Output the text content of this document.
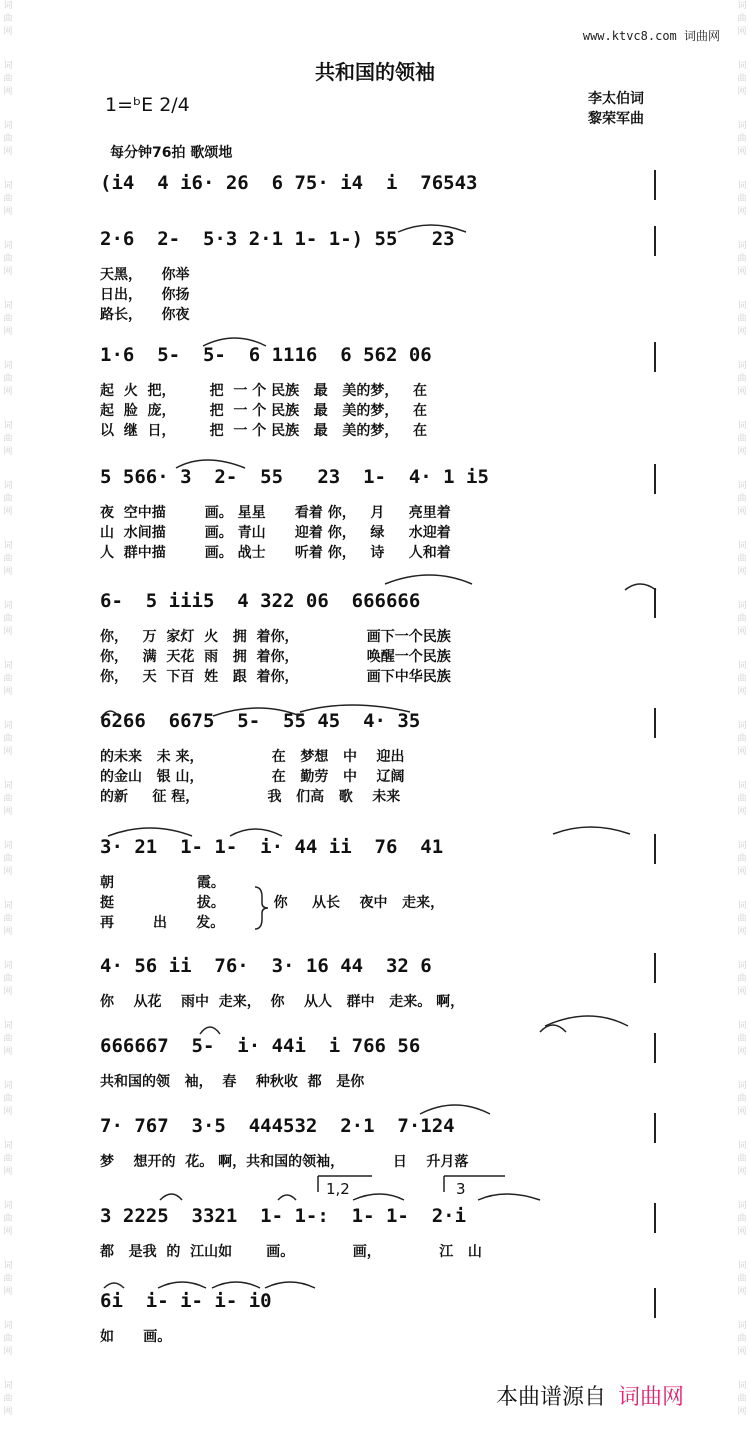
词
曲
网
词
曲
网
词
曲
网
词
曲
网
词
曲
网
词
曲
网
词
曲
网
词
曲
网
词
曲
网
词
曲
网
词
曲
网
词
曲
网
词
曲
网
词
曲
网
词
曲
网
词
曲
网
词
曲
网
词
曲
网
词
曲
网
词
曲
网
词
曲
网
词
曲
网
词
曲
网
词
曲
网
词
曲
网
词
曲
网
词
曲
网
词
曲
网
词
曲
网
词
曲
网
词
曲
网
词
曲
网
词
曲
网
词
曲
网
词
曲
网
词
曲
网
词
曲
网
词
曲
网
词
曲
网
词
曲
网
词
曲
网
词
曲
网
词
曲
网
词
曲
网
词
曲
网
词
曲
网
词
曲
网
词
曲
网
www.ktvc8.com 词曲网
共和国的领袖
1=ᵇE 2/4	李太伯词
黎荣军曲
每分钟76拍 歌颂地
(i4  4 i6· 26  6 75· i4  i  76543
2·6  2-  5·3 2·1 1- 1-) 55   23
天黑，    你举
日出，    你扬
路长，    你夜
1·6  5-  5-  6 1116  6 562 06
起  火  把，       把  一 个 民族   最   美的梦，   在
起  脸  庞，       把  一 个 民族   最   美的梦，   在
以  继  日，       把  一 个 民族   最   美的梦，   在
5 566· 3  2-  55   23  1-  4· 1 i5
夜  空中描        画。 星星      看着 你，   月     亮里着
山  水间描        画。 青山      迎着 你，   绿     水迎着
人  群中描        画。 战士      听着 你，   诗     人和着
6-  5 iii5  4 322 06  666666
你，   万  家灯  火   拥  着你，              画下一个民族
你，   满  天花  雨   拥  着你，              唤醒一个民族
你，   天  下百  姓   跟  着你，              画下中华民族
6266  6675  5-  55 45  4· 35
的未来   未 来，              在   梦想   中    迎出
的金山   银 山，              在   勤劳   中    辽阔
的新     征 程，              我   们高   歌    未来
3· 21  1- 1-  i· 44 ii  76  41
朝                 霞。
挺                 拔。          你     从长    夜中   走来，
再        出      发。
4· 56 ii  76·  3· 16 44  32 6
你    从花    雨中  走来，  你    从人   群中   走来。 啊，
666667  5-  i· 44i  i 766 56
共和国的领   袖，  春    种秋收  都   是你
7· 767  3·5  444532  2·1  7·124
梦    想开的  花。 啊，共和国的领袖，          日    升月落
3 2225  3321  1- 1-:  1- 1-  2·i
都   是我  的  江山如       画。            画，            江   山
6i  i- i- i- i0
如      画。
1,2	3
本曲谱源自 词曲网
